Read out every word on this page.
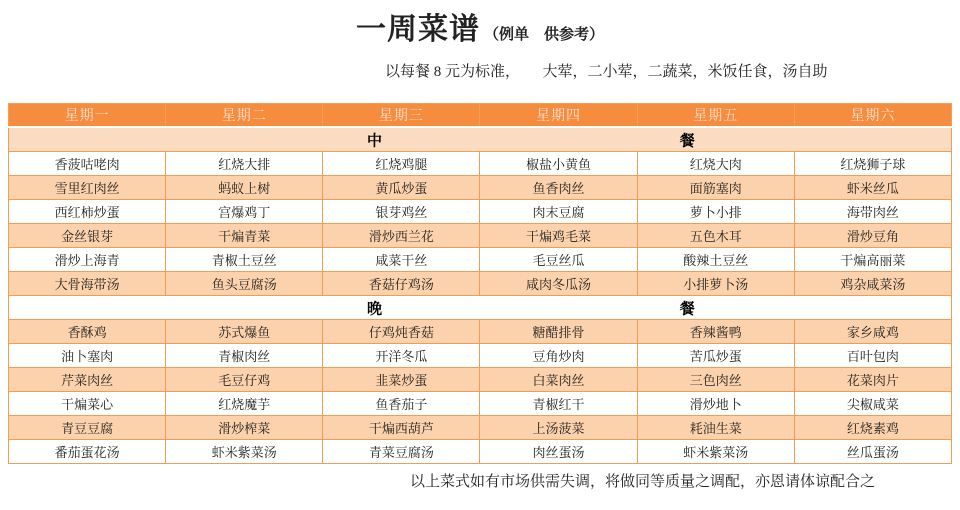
一周菜谱 （例单　供参考）
以每餐 8 元为标准，　　大荤，二小荤，二蔬菜，米饭任食，汤自助
星期一	星期二	星期三	星期四	星期五	星期六

中 餐					

香菠咕咾肉	红烧大排	红烧鸡腿	椒盐小黄鱼	红烧大肉	红烧狮子球
雪里红肉丝	蚂蚁上树	黄瓜炒蛋	鱼香肉丝	面筋塞肉	虾米丝瓜
西红柿炒蛋	宫爆鸡丁	银芽鸡丝	肉末豆腐	萝卜小排	海带肉丝
金丝银芽	干煸青菜	滑炒西兰花	干煸鸡毛菜	五色木耳	滑炒豆角
滑炒上海青	青椒土豆丝	咸菜干丝	毛豆丝瓜	酸辣土豆丝	干煸高丽菜
大骨海带汤	鱼头豆腐汤	香菇仔鸡汤	咸肉冬瓜汤	小排萝卜汤	鸡杂咸菜汤

晚 餐					

香酥鸡	苏式爆鱼	仔鸡炖香菇	糖醋排骨	香辣酱鸭	家乡咸鸡
油卜塞肉	青椒肉丝	开洋冬瓜	豆角炒肉	苦瓜炒蛋	百叶包肉
芹菜肉丝	毛豆仔鸡	韭菜炒蛋	白菜肉丝	三色肉丝	花菜肉片
干煸菜心	红烧魔芋	鱼香茄子	青椒红干	滑炒地卜	尖椒咸菜
青豆豆腐	滑炒榨菜	干煸西葫芦	上汤菠菜	耗油生菜	红烧素鸡
番茄蛋花汤	虾米紫菜汤	青菜豆腐汤	肉丝蛋汤	虾米紫菜汤	丝瓜蛋汤
以上菜式如有市场供需失调，将做同等质量之调配，亦恩请体谅配合之
